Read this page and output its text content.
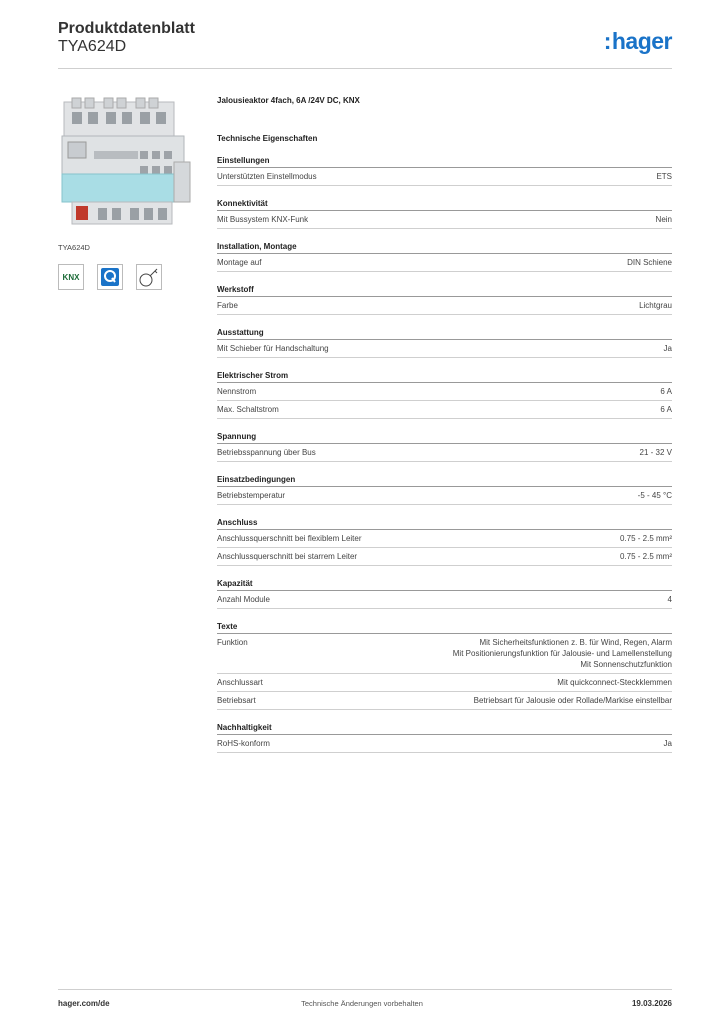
Produktdatenblatt
TYA624D	:hager
TYA624D
KNX
Jalousieaktor 4fach, 6A /24V DC, KNX
Technische Eigenschaften
Einstellungen
Unterstützten Einstellmodus	ETS
Konnektivität
Mit Bussystem KNX-Funk	Nein
Installation, Montage
Montage auf	DIN Schiene
Werkstoff
Farbe	Lichtgrau
Ausstattung
Mit Schieber für Handschaltung	Ja
Elektrischer Strom
Nennstrom	6 A
Max. Schaltstrom	6 A
Spannung
Betriebsspannung über Bus	21 - 32 V
Einsatzbedingungen
Betriebstemperatur	-5 - 45 °C
Anschluss
Anschlussquerschnitt bei flexiblem Leiter	0.75 - 2.5 mm²
Anschlussquerschnitt bei starrem Leiter	0.75 - 2.5 mm²
Kapazität
Anzahl Module	4
Texte
Funktion	Mit Sicherheitsfunktionen z. B. für Wind, Regen, Alarm
Mit Positionierungsfunktion für Jalousie- und Lamellenstellung
Mit Sonnenschutzfunktion
Anschlussart	Mit quickconnect-Steckklemmen
Betriebsart	Betriebsart für Jalousie oder Rollade/Markise einstellbar
Nachhaltigkeit
RoHS-konform	Ja
hager.com/de	Technische Änderungen vorbehalten	19.03.2026
